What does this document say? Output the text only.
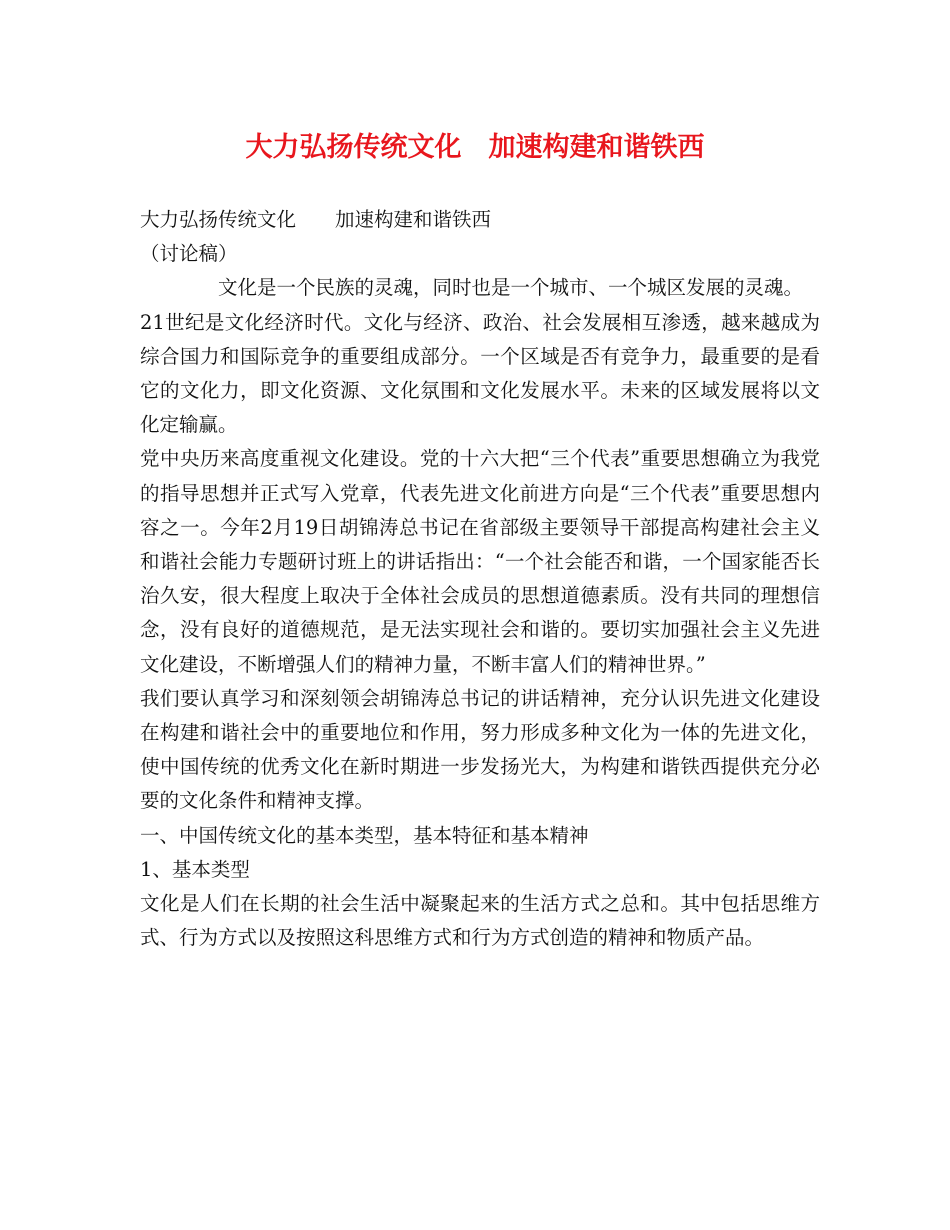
大力弘扬传统文化　加速构建和谐铁西

大力弘扬传统文化　　加速构建和谐铁西

（讨论稿）

文化是一个民族的灵魂，同时也是一个城市、一个城区发展的灵魂。

21世纪是文化经济时代。文化与经济、政治、社会发展相互渗透，越来越成为综合国力和国际竞争的重要组成部分。一个区域是否有竞争力，最重要的是看它的文化力，即文化资源、文化氛围和文化发展水平。未来的区域发展将以文化定输赢。

党中央历来高度重视文化建设。党的十六大把“三个代表”重要思想确立为我党的指导思想并正式写入党章，代表先进文化前进方向是“三个代表”重要思想内容之一。今年2月19日胡锦涛总书记在省部级主要领导干部提高构建社会主义和谐社会能力专题研讨班上的讲话指出：“一个社会能否和谐，一个国家能否长治久安，很大程度上取决于全体社会成员的思想道德素质。没有共同的理想信念，没有良好的道德规范，是无法实现社会和谐的。要切实加强社会主义先进文化建设，不断增强人们的精神力量，不断丰富人们的精神世界。”

我们要认真学习和深刻领会胡锦涛总书记的讲话精神，充分认识先进文化建设在构建和谐社会中的重要地位和作用，努力形成多种文化为一体的先进文化，使中国传统的优秀文化在新时期进一步发扬光大，为构建和谐铁西提供充分必要的文化条件和精神支撑。

一、中国传统文化的基本类型，基本特征和基本精神

1、基本类型

文化是人们在长期的社会生活中凝聚起来的生活方式之总和。其中包括思维方式、行为方式以及按照这科思维方式和行为方式创造的精神和物质产品。
